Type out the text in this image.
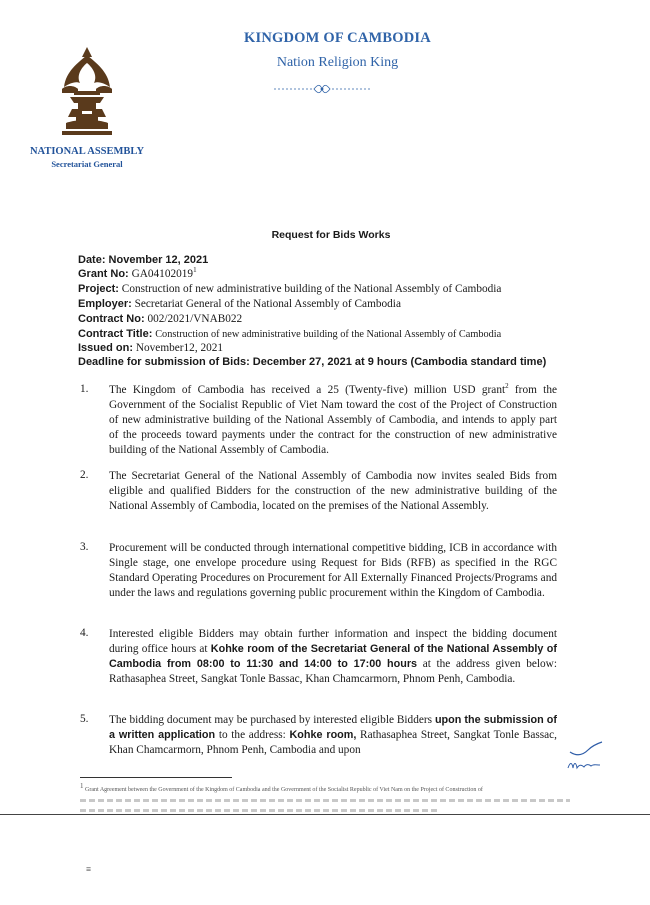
KINGDOM OF CAMBODIA
Nation Religion King
NATIONAL ASSEMBLY
Secretariat General
Request for Bids Works
Date: November 12, 2021
Grant No: GA04102019$^1$
Project: Construction of new administrative building of the National Assembly of Cambodia
Employer: Secretariat General of the National Assembly of Cambodia
Contract No: 002/2021/VNAB022
Contract Title: Construction of new administrative building of the National Assembly of Cambodia
Issued on: November12, 2021
Deadline for submission of Bids: December 27, 2021 at 9 hours (Cambodia standard time)
1. The Kingdom of Cambodia has received a 25 (Twenty-five) million USD grant$^2$ from the Government of the Socialist Republic of Viet Nam toward the cost of the Project of Construction of new administrative building of the National Assembly of Cambodia, and intends to apply part of the proceeds toward payments under the contract for the construction of new administrative building of the National Assembly of Cambodia.
2. The Secretariat General of the National Assembly of Cambodia now invites sealed Bids from eligible and qualified Bidders for the construction of the new administrative building of the National Assembly of Cambodia, located on the premises of the National Assembly.
3. Procurement will be conducted through international competitive bidding, ICB in accordance with Single stage, one envelope procedure using Request for Bids (RFB) as specified in the RGC Standard Operating Procedures on Procurement for All Externally Financed Projects/Programs and under the laws and regulations governing public procurement within the Kingdom of Cambodia.
4. Interested eligible Bidders may obtain further information and inspect the bidding document during office hours at Kohke room of the Secretariat General of the National Assembly of Cambodia from 08:00 to 11:30 and 14:00 to 17:00 hours at the address given below: Rathasaphea Street, Sangkat Tonle Bassac, Khan Chamcarmorn, Phnom Penh, Cambodia.
5. The bidding document may be purchased by interested eligible Bidders upon the submission of a written application to the address: Kohke room, Rathasaphea Street, Sangkat Tonle Bassac, Khan Chamcarmorn, Phnom Penh, Cambodia and upon
$^1$ Grant Agreement between the Government of the Kingdom of Cambodia and the Government of the Socialist Republic of Viet Nam on the Project of Construction of
≡
